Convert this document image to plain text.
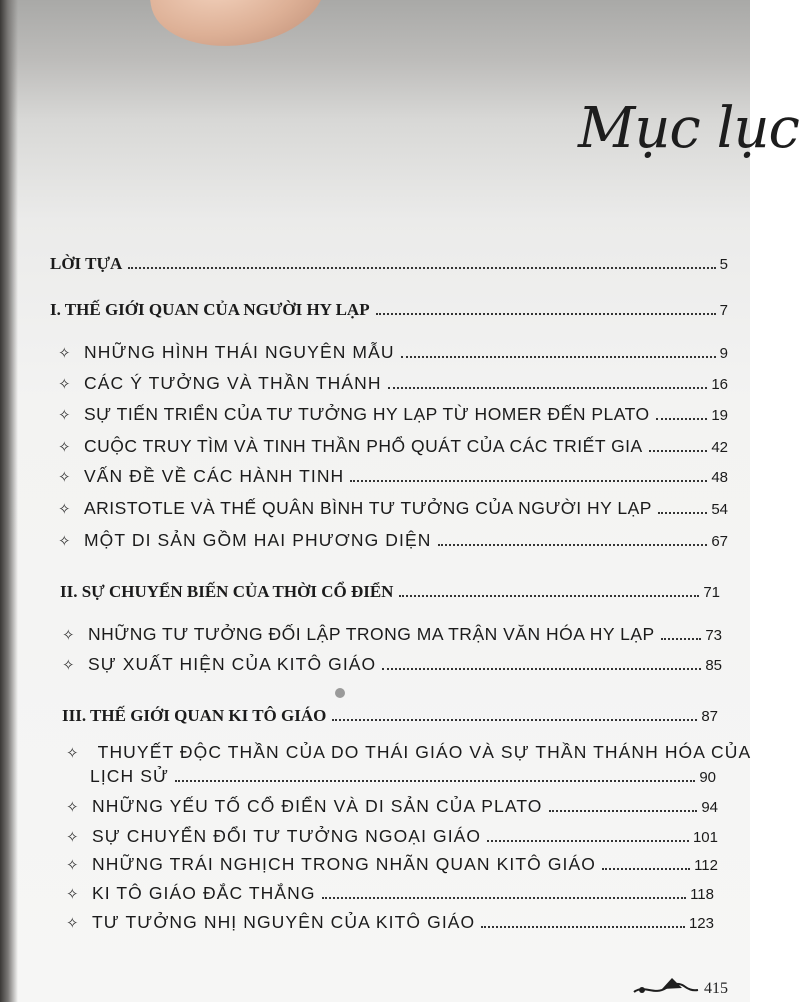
Mục lục
LỜI TỰA	5
I. THẾ GIỚI QUAN CỦA NGƯỜI HY LẠP	7
✧ NHỮNG HÌNH THÁI NGUYÊN MẪU	9
✧ CÁC Ý TƯỞNG VÀ THẦN THÁNH	16
✧ SỰ TIẾN TRIỂN CỦA TƯ TƯỞNG HY LẠP TỪ HOMER ĐẾN PLATO	19
✧ CUỘC TRUY TÌM VÀ TINH THẦN PHỔ QUÁT CỦA CÁC TRIẾT GIA	42
✧ VẤN ĐỀ VỀ CÁC HÀNH TINH	48
✧ ARISTOTLE VÀ THẾ QUÂN BÌNH TƯ TƯỞNG CỦA NGƯỜI HY LẠP	54
✧ MỘT DI SẢN GỒM HAI PHƯƠNG DIỆN	67
II. SỰ CHUYỂN BIẾN CỦA THỜI CỔ ĐIỂN	71
✧ NHỮNG TƯ TƯỞNG ĐỐI LẬP TRONG MA TRẬN VĂN HÓA HY LẠP	73
✧ SỰ XUẤT HIỆN CỦA KITÔ GIÁO	85
III. THẾ GIỚI QUAN KI TÔ GIÁO	87
✧ THUYẾT ĐỘC THẦN CỦA DO THÁI GIÁO VÀ SỰ THẦN THÁNH HÓA CỦA
LỊCH SỬ	90
✧ NHỮNG YẾU TỐ CỔ ĐIỂN VÀ DI SẢN CỦA PLATO	94
✧ SỰ CHUYỂN ĐỔI TƯ TƯỞNG NGOẠI GIÁO	101
✧ NHỮNG TRÁI NGHỊCH TRONG NHÃN QUAN KITÔ GIÁO	112
✧ KI TÔ GIÁO ĐẮC THẮNG	118
✧ TƯ TƯỞNG NHỊ NGUYÊN CỦA KITÔ GIÁO	123
415
